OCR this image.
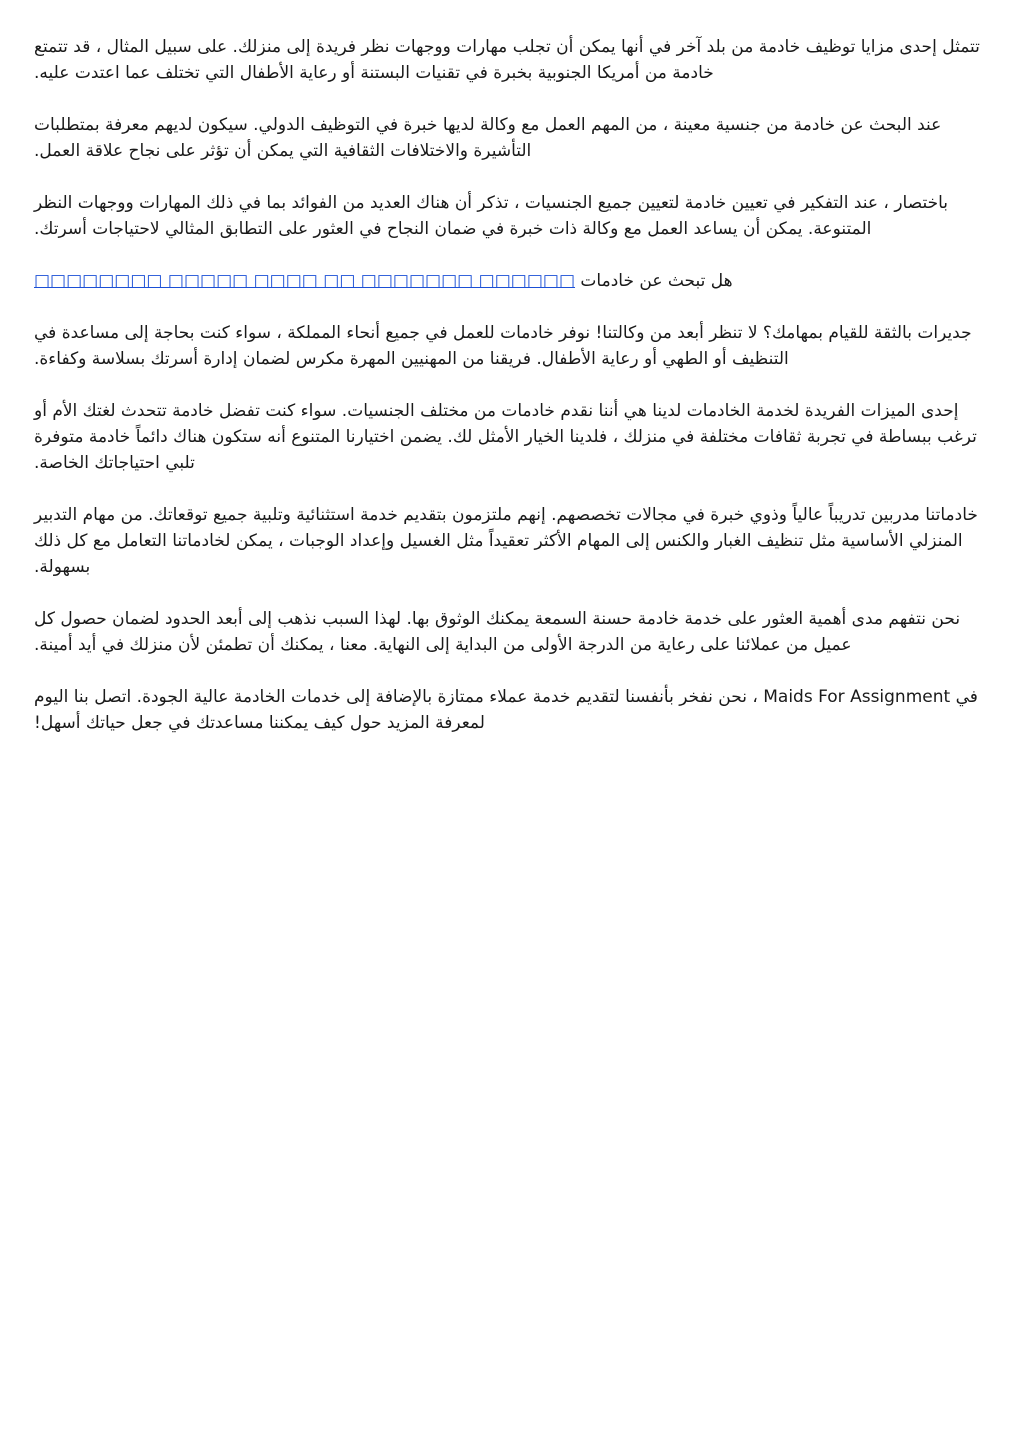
تتمثل إحدى مزايا توظيف خادمة من بلد آخر في أنها يمكن أن تجلب مهارات ووجهات نظر فريدة إلى منزلك. على سبيل المثال ، قد تتمتع خادمة من أمريكا الجنوبية بخبرة في تقنيات البستنة أو رعاية الأطفال التي تختلف عما اعتدت عليه.

عند البحث عن خادمة من جنسية معينة ، من المهم العمل مع وكالة لديها خبرة في التوظيف الدولي. سيكون لديهم معرفة بمتطلبات التأشيرة والاختلافات الثقافية التي يمكن أن تؤثر على نجاح علاقة العمل.

باختصار ، عند التفكير في تعيين خادمة لتعيين جميع الجنسيات ، تذكر أن هناك العديد من الفوائد بما في ذلك المهارات ووجهات النظر المتنوعة. يمكن أن يساعد العمل مع وكالة ذات خبرة في ضمان النجاح في العثور على التطابق المثالي لاحتياجات أسرتك.

هل تبحث عن خادمات □□□□□□ □□□□□□□ □□ □□□□ □□□□□ □□□□□□□□

جديرات بالثقة للقيام بمهامك؟ لا تنظر أبعد من وكالتنا! نوفر خادمات للعمل في جميع أنحاء المملكة ، سواء كنت بحاجة إلى مساعدة في التنظيف أو الطهي أو رعاية الأطفال. فريقنا من المهنيين المهرة مكرس لضمان إدارة أسرتك بسلاسة وكفاءة.

إحدى الميزات الفريدة لخدمة الخادمات لدينا هي أننا نقدم خادمات من مختلف الجنسيات. سواء كنت تفضل خادمة تتحدث لغتك الأم أو ترغب ببساطة في تجربة ثقافات مختلفة في منزلك ، فلدينا الخيار الأمثل لك. يضمن اختيارنا المتنوع أنه ستكون هناك دائماً خادمة متوفرة تلبي احتياجاتك الخاصة.

خادماتنا مدربين تدريباً عالياً وذوي خبرة في مجالات تخصصهم. إنهم ملتزمون بتقديم خدمة استثنائية وتلبية جميع توقعاتك. من مهام التدبير المنزلي الأساسية مثل تنظيف الغبار والكنس إلى المهام الأكثر تعقيداً مثل الغسيل وإعداد الوجبات ، يمكن لخادماتنا التعامل مع كل ذلك بسهولة.

نحن نتفهم مدى أهمية العثور على خدمة خادمة حسنة السمعة يمكنك الوثوق بها. لهذا السبب نذهب إلى أبعد الحدود لضمان حصول كل عميل من عملائنا على رعاية من الدرجة الأولى من البداية إلى النهاية. معنا ، يمكنك أن تطمئن لأن منزلك في أيد أمينة.

في Maids For Assignment ، نحن نفخر بأنفسنا لتقديم خدمة عملاء ممتازة بالإضافة إلى خدمات الخادمة عالية الجودة. اتصل بنا اليوم لمعرفة المزيد حول كيف يمكننا مساعدتك في جعل حياتك أسهل!
